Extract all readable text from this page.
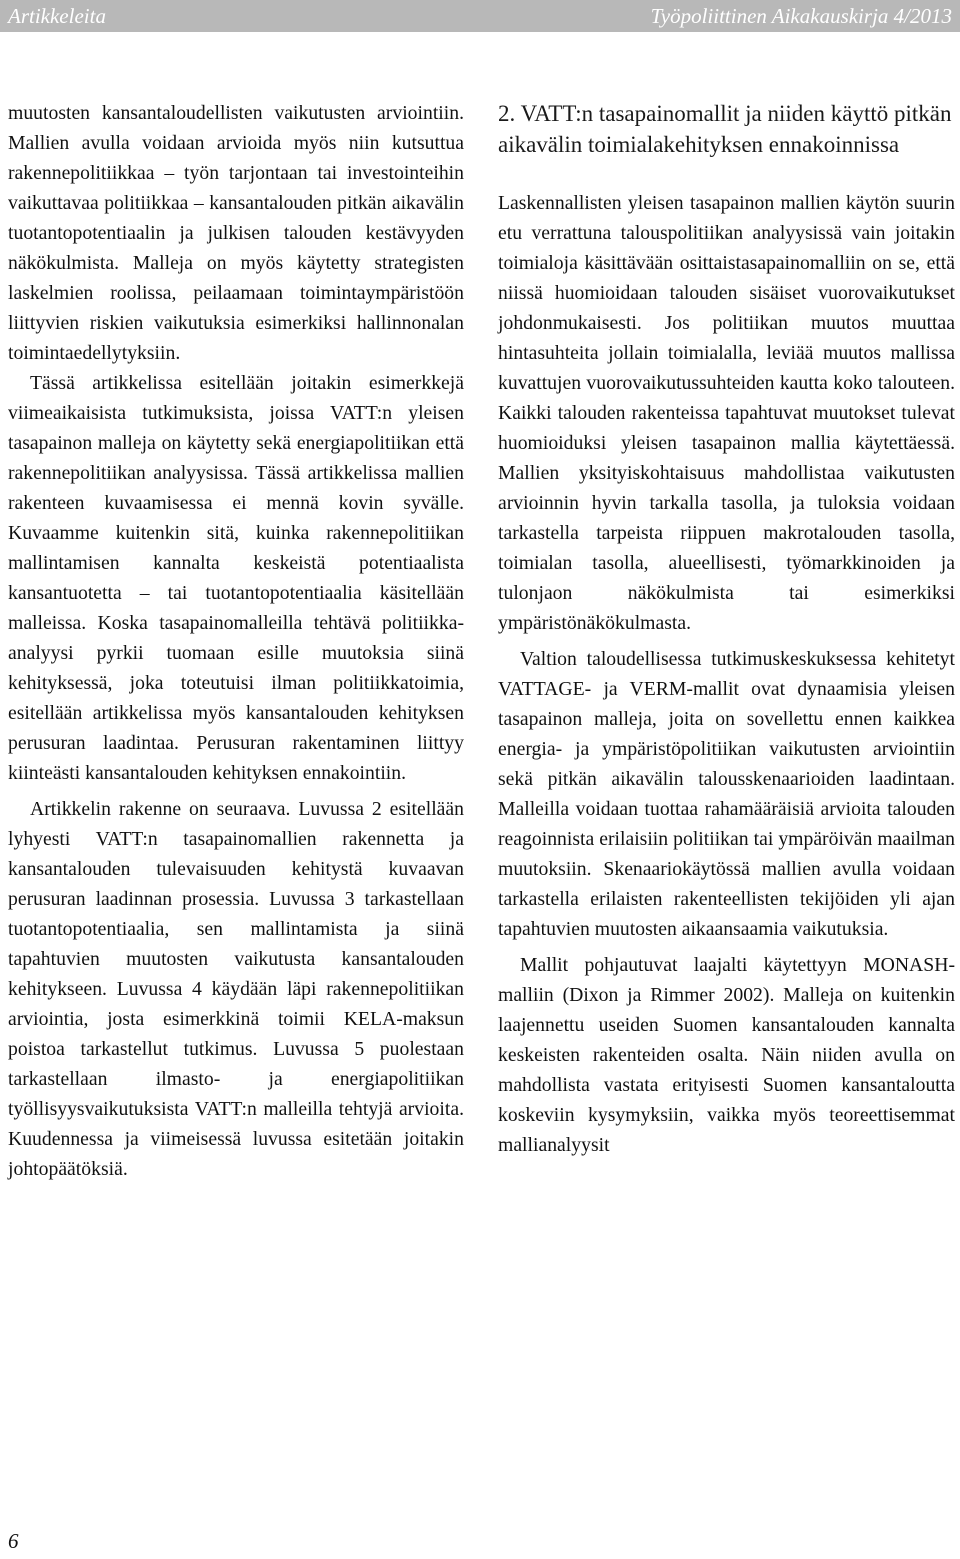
Artikkeleita	Työpoliittinen Aikakauskirja 4/2013

muutosten kansantaloudellisten vaikutusten arviointiin. Mallien avulla voidaan arvioida myös niin kutsuttua rakennepolitiikkaa – työn tarjontaan tai investointeihin vaikuttavaa politiikkaa – kansantalouden pitkän aikavälin tuotantopotentiaalin ja julkisen talouden kestävyyden näkökulmista. Malleja on myös käytetty strategisten laskelmien roolissa, peilaamaan toimintaympäristöön liittyvien riskien vaikutuksia esimerkiksi hallinnonalan toimintaedellytyksiin.

Tässä artikkelissa esitellään joitakin esimerkkejä viimeaikaisista tutkimuksista, joissa VATT:n yleisen tasapainon malleja on käytetty sekä energiapolitiikan että rakennepolitiikan analyysissa. Tässä artikkelissa mallien rakenteen kuvaamisessa ei mennä kovin syvälle. Kuvaamme kuitenkin sitä, kuinka rakennepolitiikan mallintamisen kannalta keskeistä potentiaalista kansantuotetta – tai tuotantopotentiaalia käsitellään malleissa. Koska tasapainomalleilla tehtävä politiikka-analyysi pyrkii tuomaan esille muutoksia siinä kehityksessä, joka toteutuisi ilman politiikkatoimia, esitellään artikkelissa myös kansantalouden kehityksen perusuran laadintaa. Perusuran rakentaminen liittyy kiinteästi kansantalouden kehityksen ennakointiin.

Artikkelin rakenne on seuraava. Luvussa 2 esitellään lyhyesti VATT:n tasapainomallien rakennetta ja kansantalouden tulevaisuuden kehitystä kuvaavan perusuran laadinnan prosessia. Luvussa 3 tarkastellaan tuotantopotentiaalia, sen mallintamista ja siinä tapahtuvien muutosten vaikutusta kansantalouden kehitykseen. Luvussa 4 käydään läpi rakennepolitiikan arviointia, josta esimerkkinä toimii KELA-maksun poistoa tarkastellut tutkimus. Luvussa 5 puolestaan tarkastellaan ilmasto- ja energiapolitiikan työllisyysvaikutuksista VATT:n malleilla tehtyjä arvioita. Kuudennessa ja viimeisessä luvussa esitetään joitakin johtopäätöksiä.

2. VATT:n tasapainomallit ja niiden käyttö pitkän aikavälin toimialakehityksen ennakoinnissa

Laskennallisten yleisen tasapainon mallien käytön suurin etu verrattuna talouspolitiikan analyysissä vain joitakin toimialoja käsittävään osittaistasapainomalliin on se, että niissä huomioidaan talouden sisäiset vuorovaikutukset johdonmukaisesti. Jos politiikan muutos muuttaa hintasuhteita jollain toimialalla, leviää muutos mallissa kuvattujen vuorovaikutussuhteiden kautta koko talouteen. Kaikki talouden rakenteissa tapahtuvat muutokset tulevat huomioiduksi yleisen tasapainon mallia käytettäessä. Mallien yksityiskohtaisuus mahdollistaa vaikutusten arvioinnin hyvin tarkalla tasolla, ja tuloksia voidaan tarkastella tarpeista riippuen makrotalouden tasolla, toimialan tasolla, alueellisesti, työmarkkinoiden ja tulonjaon näkökulmista tai esimerkiksi ympäristönäkökulmasta.

Valtion taloudellisessa tutkimuskeskuksessa kehitetyt VATTAGE- ja VERM-mallit ovat dynaamisia yleisen tasapainon malleja, joita on sovellettu ennen kaikkea energia- ja ympäristöpolitiikan vaikutusten arviointiin sekä pitkän aikavälin talousskenaarioiden laadintaan. Malleilla voidaan tuottaa rahamääräisiä arvioita talouden reagoinnista erilaisiin politiikan tai ympäröivän maailman muutoksiin. Skenaariokäytössä mallien avulla voidaan tarkastella erilaisten rakenteellisten tekijöiden yli ajan tapahtuvien muutosten aikaansaamia vaikutuksia.

Mallit pohjautuvat laajalti käytettyyn MONASH-malliin (Dixon ja Rimmer 2002). Malleja on kuitenkin laajennettu useiden Suomen kansantalouden kannalta keskeisten rakenteiden osalta. Näin niiden avulla on mahdollista vastata erityisesti Suomen kansantaloutta koskeviin kysymyksiin, vaikka myös teoreettisemmat mallianalyysit

6
